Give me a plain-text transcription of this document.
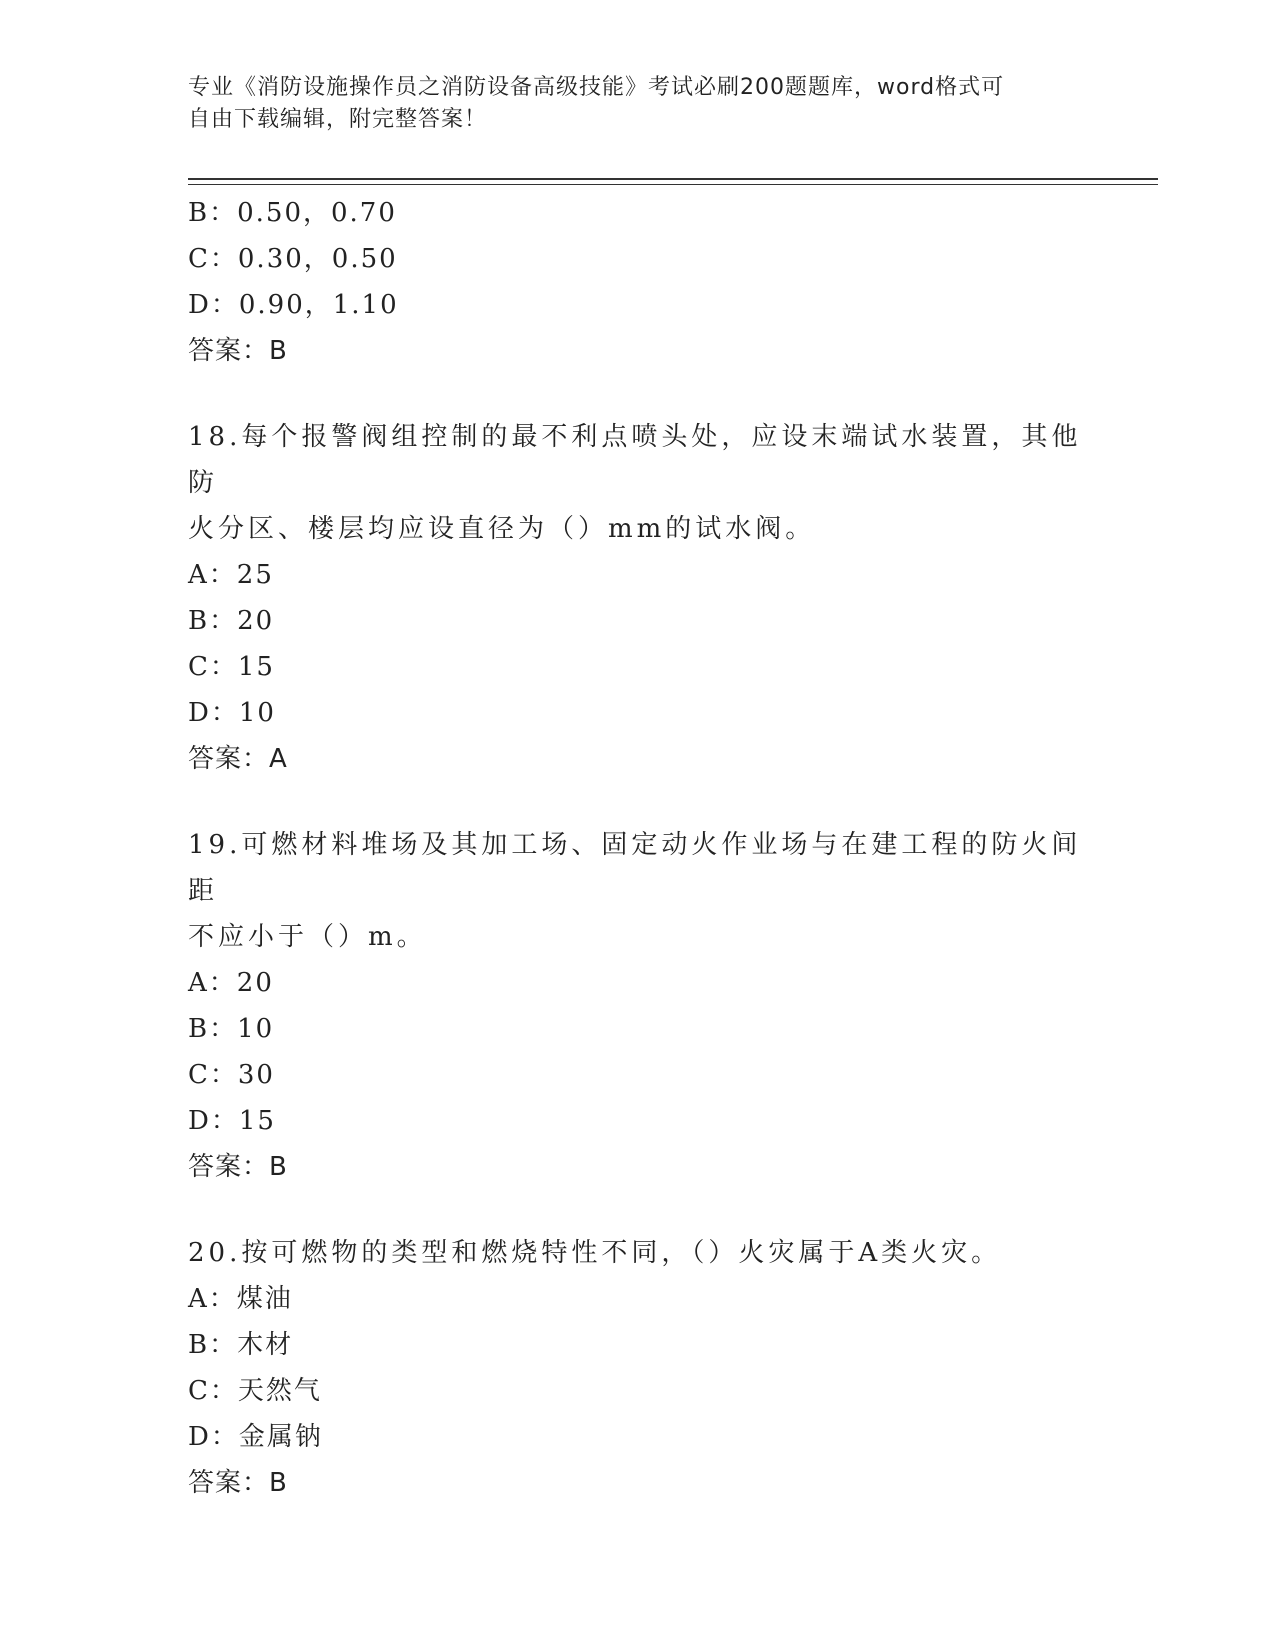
专业《消防设施操作员之消防设备高级技能》考试必刷200题题库，word格式可
自由下载编辑，附完整答案！
B：0.50，0.70
C：0.30，0.50
D：0.90，1.10
答案：B
18.每个报警阀组控制的最不利点喷头处，应设末端试水装置，其他防
火分区、楼层均应设直径为（）mm的试水阀。
A：25
B：20
C：15
D：10
答案：A
19.可燃材料堆场及其加工场、固定动火作业场与在建工程的防火间距
不应小于（）m。
A：20
B：10
C：30
D：15
答案：B
20.按可燃物的类型和燃烧特性不同，（）火灾属于A类火灾。
A：煤油
B：木材
C：天然气
D：金属钠
答案：B
